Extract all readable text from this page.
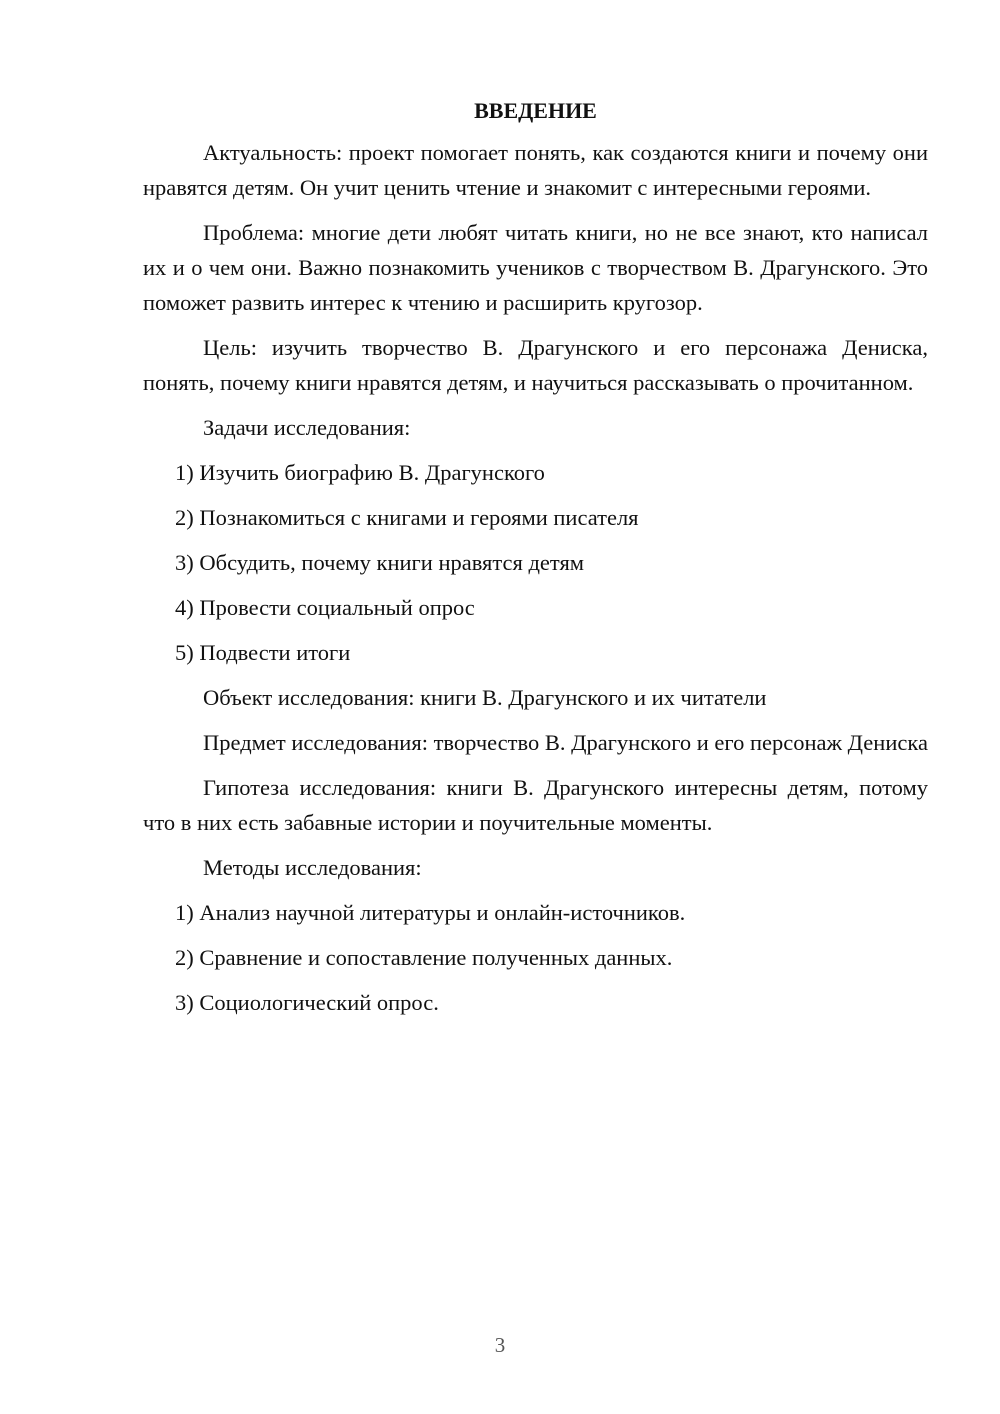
ВВЕДЕНИЕ

Актуальность: проект помогает понять, как создаются книги и почему они нравятся детям. Он учит ценить чтение и знакомит с интересными героями.

Проблема: многие дети любят читать книги, но не все знают, кто написал их и о чем они. Важно познакомить учеников с творчеством В. Драгунского. Это поможет развить интерес к чтению и расширить кругозор.

Цель: изучить творчество В. Драгунского и его персонажа Дениска, понять, почему книги нравятся детям, и научиться рассказывать о прочитанном.

Задачи исследования:

1) Изучить биографию В. Драгунского
2) Познакомиться с книгами и героями писателя
3) Обсудить, почему книги нравятся детям
4) Провести социальный опрос
5) Подвести итоги

Объект исследования: книги В. Драгунского и их читатели

Предмет исследования: творчество В. Драгунского и его персонаж Дениска

Гипотеза исследования: книги В. Драгунского интересны детям, потому что в них есть забавные истории и поучительные моменты.

Методы исследования:

1) Анализ научной литературы и онлайн-источников.
2) Сравнение и сопоставление полученных данных.
3) Социологический опрос.
3
